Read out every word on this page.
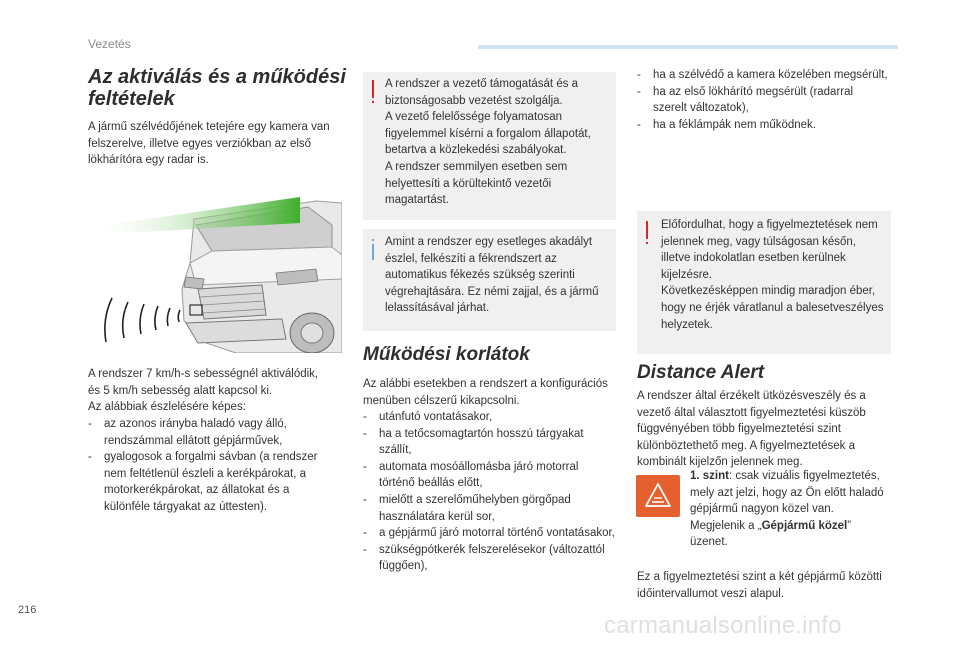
Vezetés
Az aktiválás és a működési feltételek
A jármű szélvédőjének tetejére egy kamera van felszerelve, illetve egyes verziókban az első lökhárítóra egy radar is.
A rendszer 7 km/h-s sebességnél aktiválódik,
és 5 km/h sebesség alatt kapcsol ki.
Az alábbiak észlelésére képes:
- az azonos irányba haladó vagy álló, rendszámmal ellátott gépjárművek,
- gyalogosok a forgalmi sávban (a rendszer nem feltétlenül észleli a kerékpárokat, a motorkerékpárokat, az állatokat és a különféle tárgyakat az úttesten).
A rendszer a vezető támogatását és a biztonságosabb vezetést szolgálja.
A vezető felelőssége folyamatosan figyelemmel kísérni a forgalom állapotát, betartva a közlekedési szabályokat.
A rendszer semmilyen esetben sem helyettesíti a körültekintő vezetői magatartást.
Amint a rendszer egy esetleges akadályt észlel, felkészíti a fékrendszert az automatikus fékezés szükség szerinti végrehajtására. Ez némi zajjal, és a jármű lelassításával járhat.
Működési korlátok
Az alábbi esetekben a rendszert a konfigurációs menüben célszerű kikapcsolni.
- utánfutó vontatásakor,
- ha a tetőcsomagtartón hosszú tárgyakat szállít,
- automata mosóállomásba járó motorral történő beállás előtt,
- mielőtt a szerelőműhelyben görgőpad használatára kerül sor,
- a gépjármű járó motorral történő vontatásakor,
- szükségpótkerék felszerelésekor (változattól függően),
- ha a szélvédő a kamera közelében megsérült,
- ha az első lökhárító megsérült (radarral szerelt változatok),
- ha a féklámpák nem működnek.
Előfordulhat, hogy a figyelmeztetések nem jelennek meg, vagy túlságosan későn, illetve indokolatlan esetben kerülnek kijelzésre.
Következésképpen mindig maradjon éber, hogy ne érjék váratlanul a balesetveszélyes helyzetek.
Distance Alert
A rendszer által érzékelt ütközésveszély és a vezető által választott figyelmeztetési küszöb függvényében több figyelmeztetési szint különböztethető meg. A figyelmeztetések a kombinált kijelzőn jelennek meg.
1. szint: csak vizuális figyelmeztetés, mely azt jelzi, hogy az Ön előtt haladó gépjármű nagyon közel van.
Megjelenik a „Gépjármű közel” üzenet.
Ez a figyelmeztetési szint a két gépjármű közötti időintervallumot veszi alapul.
216
carmanualsonline.info
